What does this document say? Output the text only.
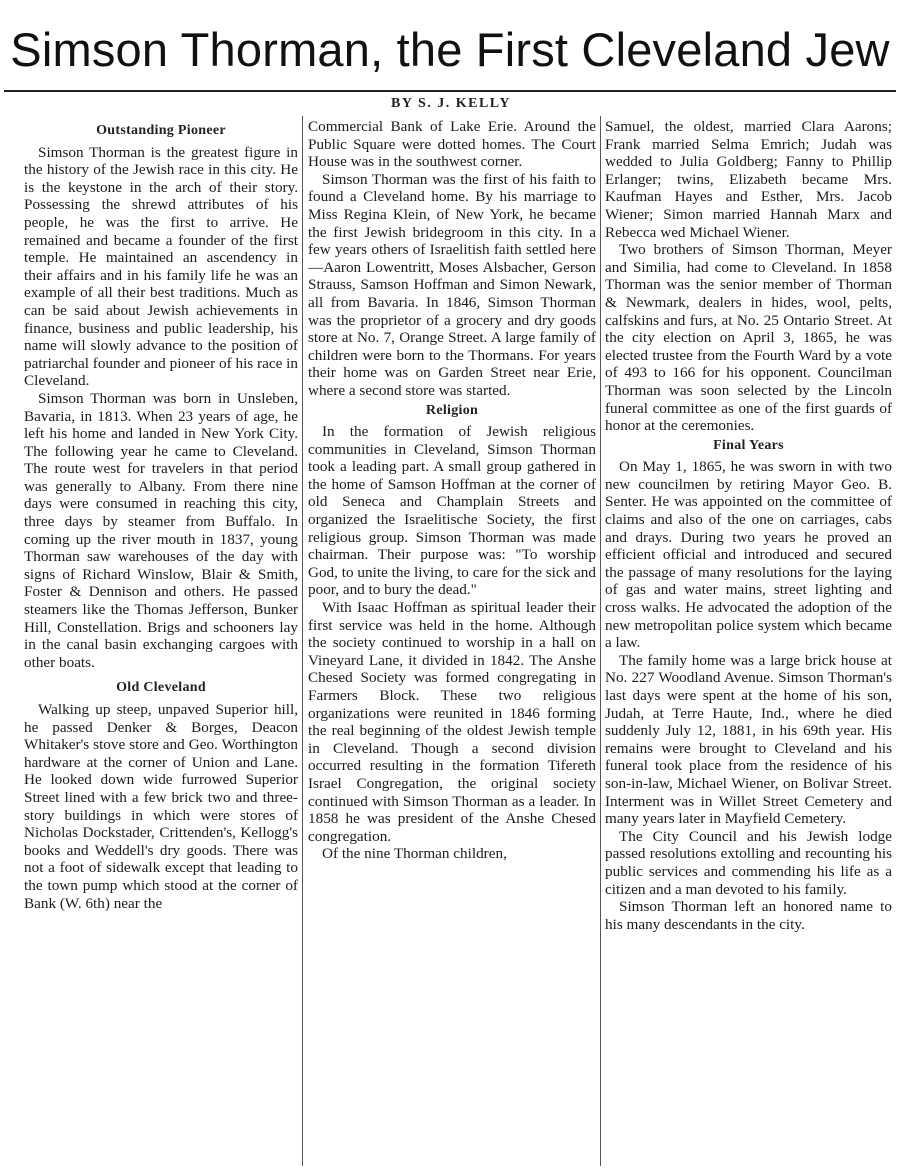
Simson Thorman, the First Cleveland Jew
BY S. J. KELLY
Outstanding Pioneer

Simson Thorman is the greatest figure in the history of the Jewish race in this city. He is the keystone in the arch of their story. Possessing the shrewd attributes of his people, he was the first to arrive. He remained and became a founder of the first temple. He maintained an ascendency in their affairs and in his family life he was an example of all their best traditions. Much as can be said about Jewish achievements in finance, business and public leadership, his name will slowly advance to the position of patriarchal founder and pioneer of his race in Cleveland.

Simson Thorman was born in Unsleben, Bavaria, in 1813. When 23 years of age, he left his home and landed in New York City. The following year he came to Cleveland. The route west for travelers in that period was generally to Albany. From there nine days were consumed in reaching this city, three days by steamer from Buffalo. In coming up the river mouth in 1837, young Thorman saw warehouses of the day with signs of Richard Winslow, Blair & Smith, Foster & Dennison and others. He passed steamers like the Thomas Jefferson, Bunker Hill, Constellation. Brigs and schooners lay in the canal basin exchanging cargoes with other boats.

Old Cleveland

Walking up steep, unpaved Superior hill, he passed Denker & Borges, Deacon Whitaker's stove store and Geo. Worthington hardware at the corner of Union and Lane. He looked down wide furrowed Superior Street lined with a few brick two and three-story buildings in which were stores of Nicholas Dockstader, Crittenden's, Kellogg's books and Weddell's dry goods. There was not a foot of sidewalk except that leading to the town pump which stood at the corner of Bank (W. 6th) near the

Commercial Bank of Lake Erie. Around the Public Square were dotted homes. The Court House was in the southwest corner.

Simson Thorman was the first of his faith to found a Cleveland home. By his marriage to Miss Regina Klein, of New York, he became the first Jewish bridegroom in this city. In a few years others of Israelitish faith settled here—Aaron Lowentritt, Moses Alsbacher, Gerson Strauss, Samson Hoffman and Simon Newark, all from Bavaria. In 1846, Simson Thorman was the proprietor of a grocery and dry goods store at No. 7, Orange Street. A large family of children were born to the Thormans. For years their home was on Garden Street near Erie, where a second store was started.

Religion

In the formation of Jewish religious communities in Cleveland, Simson Thorman took a leading part. A small group gathered in the home of Samson Hoffman at the corner of old Seneca and Champlain Streets and organized the Israelitische Society, the first religious group. Simson Thorman was made chairman. Their purpose was: "To worship God, to unite the living, to care for the sick and poor, and to bury the dead."

With Isaac Hoffman as spiritual leader their first service was held in the home. Although the society continued to worship in a hall on Vineyard Lane, it divided in 1842. The Anshe Chesed Society was formed congregating in Farmers Block. These two religious organizations were reunited in 1846 forming the real beginning of the oldest Jewish temple in Cleveland. Though a second division occurred resulting in the formation Tifereth Israel Congregation, the original society continued with Simson Thorman as a leader. In 1858 he was president of the Anshe Chesed congregation.

Of the nine Thorman children,

Samuel, the oldest, married Clara Aarons; Frank married Selma Emrich; Judah was wedded to Julia Goldberg; Fanny to Phillip Erlanger; twins, Elizabeth became Mrs. Kaufman Hayes and Esther, Mrs. Jacob Wiener; Simon married Hannah Marx and Rebecca wed Michael Wiener.

Two brothers of Simson Thorman, Meyer and Similia, had come to Cleveland. In 1858 Thorman was the senior member of Thorman & Newmark, dealers in hides, wool, pelts, calfskins and furs, at No. 25 Ontario Street. At the city election on April 3, 1865, he was elected trustee from the Fourth Ward by a vote of 493 to 166 for his opponent. Councilman Thorman was soon selected by the Lincoln funeral committee as one of the first guards of honor at the ceremonies.

Final Years

On May 1, 1865, he was sworn in with two new councilmen by retiring Mayor Geo. B. Senter. He was appointed on the committee of claims and also of the one on carriages, cabs and drays. During two years he proved an efficient official and introduced and secured the passage of many resolutions for the laying of gas and water mains, street lighting and cross walks. He advocated the adoption of the new metropolitan police system which became a law.

The family home was a large brick house at No. 227 Woodland Avenue. Simson Thorman's last days were spent at the home of his son, Judah, at Terre Haute, Ind., where he died suddenly July 12, 1881, in his 69th year. His remains were brought to Cleveland and his funeral took place from the residence of his son-in-law, Michael Wiener, on Bolivar Street. Interment was in Willet Street Cemetery and many years later in Mayfield Cemetery.

The City Council and his Jewish lodge passed resolutions extolling and recounting his public services and commending his life as a citizen and a man devoted to his family.

Simson Thorman left an honored name to his many descendants in the city.
